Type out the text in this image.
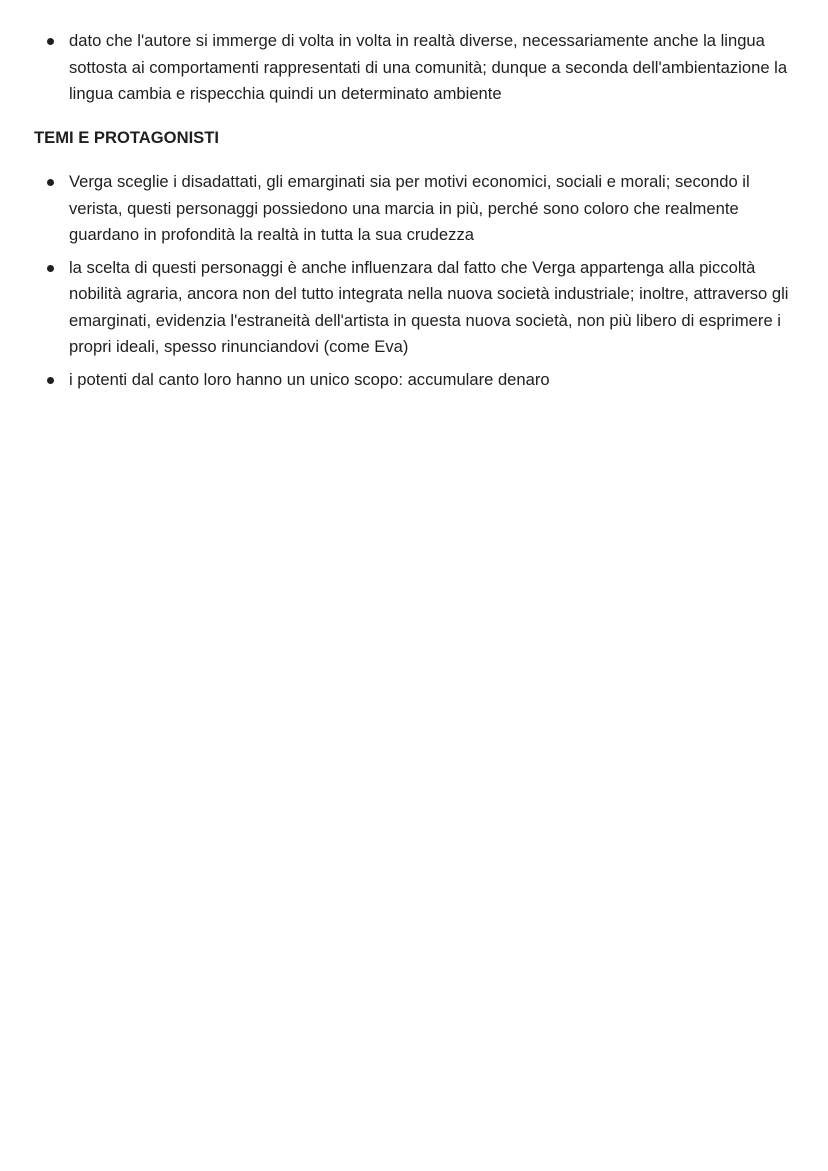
dato che l'autore si immerge di volta in volta in realtà diverse, necessariamente anche la lingua sottosta ai comportamenti rappresentati di una comunità; dunque a seconda dell'ambientazione la lingua cambia e rispecchia quindi un determinato ambiente
TEMI E PROTAGONISTI
Verga sceglie i disadattati, gli emarginati sia per motivi economici, sociali e morali; secondo il verista, questi personaggi possiedono una marcia in più, perché sono coloro che realmente guardano in profondità la realtà in tutta la sua crudezza
la scelta di questi personaggi è anche influenzara dal fatto che Verga appartenga alla piccoltà nobilità agraria, ancora non del tutto integrata nella nuova società industriale; inoltre, attraverso gli emarginati, evidenzia l'estraneità dell'artista in questa nuova società, non più libero di esprimere i propri ideali, spesso rinunciandovi (come Eva)
i potenti dal canto loro hanno un unico scopo: accumulare denaro
